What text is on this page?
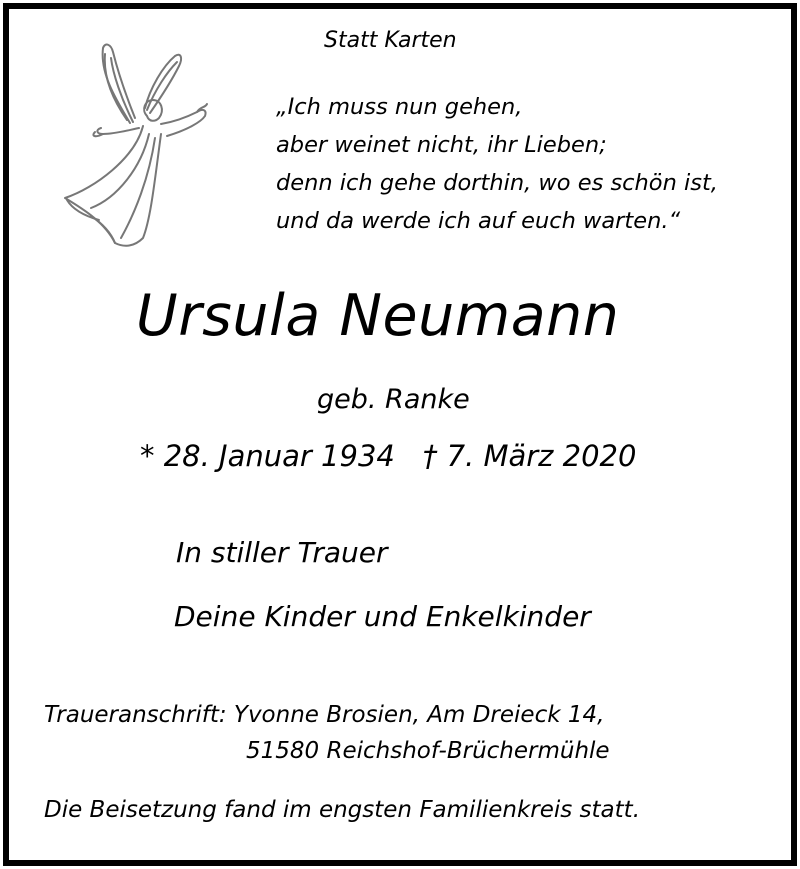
Statt Karten
„Ich muss nun gehen,
aber weinet nicht, ihr Lieben;
denn ich gehe dorthin, wo es schön ist,
und da werde ich auf euch warten.“
Ursula Neumann
geb. Ranke
* 28. Januar 1934 † 7. März 2020
In stiller Trauer
Deine Kinder und Enkelkinder
Traueranschrift: Yvonne Brosien, Am Dreieck 14,
51580 Reichshof-Brüchermühle
Die Beisetzung fand im engsten Familienkreis statt.
